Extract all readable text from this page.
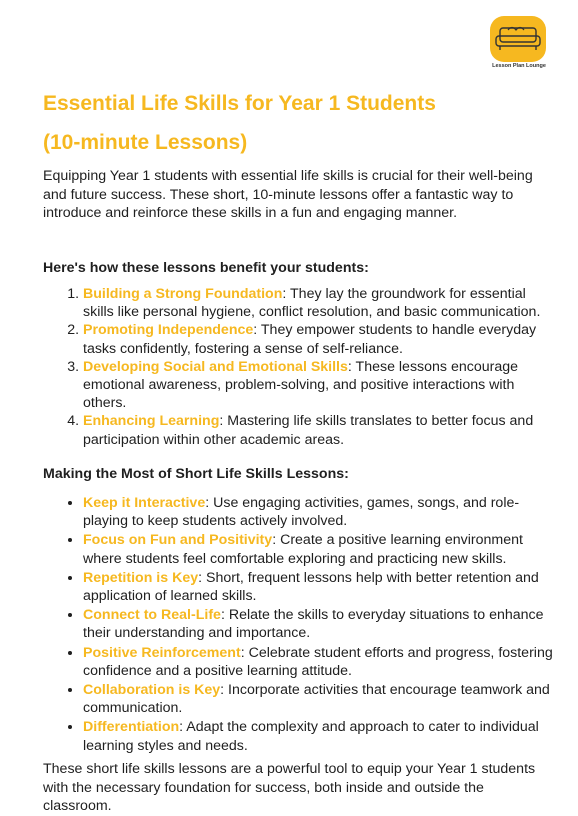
Lesson Plan Lounge
Essential Life Skills for Year 1 Students
(10-minute Lessons)

Equipping Year 1 students with essential life skills is crucial for their well-being and future success. These short, 10-minute lessons offer a fantastic way to introduce and reinforce these skills in a fun and engaging manner.

Here's how these lessons benefit your students:

1. Building a Strong Foundation: They lay the groundwork for essential skills like personal hygiene, conflict resolution, and basic communication.
2. Promoting Independence: They empower students to handle everyday tasks confidently, fostering a sense of self-reliance.
3. Developing Social and Emotional Skills: These lessons encourage emotional awareness, problem-solving, and positive interactions with others.
4. Enhancing Learning: Mastering life skills translates to better focus and participation within other academic areas.

Making the Most of Short Life Skills Lessons:

• Keep it Interactive: Use engaging activities, games, songs, and role-playing to keep students actively involved.
• Focus on Fun and Positivity: Create a positive learning environment where students feel comfortable exploring and practicing new skills.
• Repetition is Key: Short, frequent lessons help with better retention and application of learned skills.
• Connect to Real-Life: Relate the skills to everyday situations to enhance their understanding and importance.
• Positive Reinforcement: Celebrate student efforts and progress, fostering confidence and a positive learning attitude.
• Collaboration is Key: Incorporate activities that encourage teamwork and communication.
• Differentiation: Adapt the complexity and approach to cater to individual learning styles and needs.

These short life skills lessons are a powerful tool to equip your Year 1 students with the necessary foundation for success, both inside and outside the classroom.
